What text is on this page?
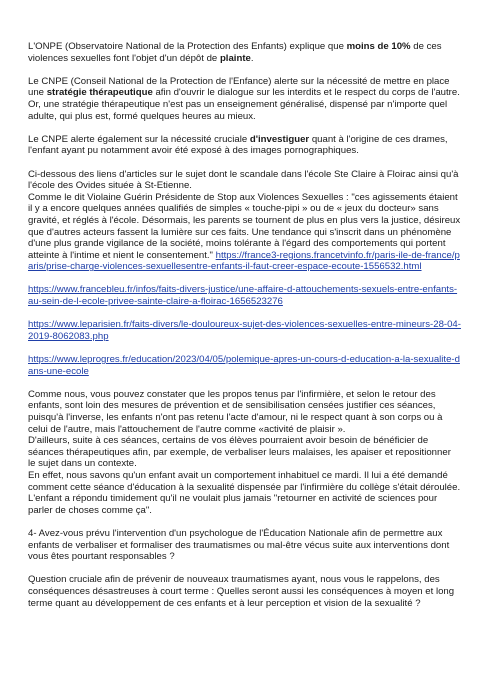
L'ONPE (Observatoire National de la Protection des Enfants) explique que moins de 10% de ces violences sexuelles font l'objet d'un dépôt de plainte.

Le CNPE (Conseil National de la Protection de l'Enfance) alerte sur la nécessité de mettre en place une stratégie thérapeutique afin d'ouvrir le dialogue sur les interdits et le respect du corps de l'autre. Or, une stratégie thérapeutique n'est pas un enseignement généralisé, dispensé par n'importe quel adulte, qui plus est, formé quelques heures au mieux.

Le CNPE alerte également sur la nécessité cruciale d'investiguer quant à l'origine de ces drames, l'enfant ayant pu notamment avoir été exposé à des images pornographiques.

Ci-dessous des liens d'articles sur le sujet dont le scandale dans l'école Ste Claire à Floirac ainsi qu'à l'école des Ovides située à St-Etienne.
Comme le dit Violaine Guérin Présidente de Stop aux Violences Sexuelles : "ces agissements étaient il y a encore quelques années qualifiés de simples « touche-pipi » ou de « jeux du docteur» sans gravité, et réglés à l'école. Désormais, les parents se tournent de plus en plus vers la justice, désireux que d'autres acteurs fassent la lumière sur ces faits. Une tendance qui s'inscrit dans un phénomène d'une plus grande vigilance de la société, moins tolérante à l'égard des comportements qui portent atteinte à l'intime et nient le consentement." https://france3-regions.francetvinfo.fr/paris-ile-de-france/paris/prise-charge-violences-sexuellesentre-enfants-il-faut-creer-espace-ecoute-1556532.html

https://www.francebleu.fr/infos/faits-divers-justice/une-affaire-d-attouchements-sexuels-entre-enfants-au-sein-de-l-ecole-privee-sainte-claire-a-floirac-1656523276

https://www.leparisien.fr/faits-divers/le-douloureux-sujet-des-violences-sexuelles-entre-mineurs-28-04-2019-8062083.php

https://www.leprogres.fr/education/2023/04/05/polemique-apres-un-cours-d-education-a-la-sexualite-dans-une-ecole

Comme nous, vous pouvez constater que les propos tenus par l'infirmière, et selon le retour des enfants, sont loin des mesures de prévention et de sensibilisation censées justifier ces séances, puisqu'à l'inverse, les enfants n'ont pas retenu l'acte d'amour, ni le respect quant à son corps ou à celui de l'autre, mais l'attouchement de l'autre comme «activité de plaisir ».
D'ailleurs, suite à ces séances, certains de vos élèves pourraient avoir besoin de bénéficier de séances thérapeutiques afin, par exemple, de verbaliser leurs malaises, les apaiser et repositionner le sujet dans un contexte.
En effet, nous savons qu'un enfant avait un comportement inhabituel ce mardi. Il lui a été demandé comment cette séance d'éducation à la sexualité dispensée par l'infirmière du collège s'était déroulée. L'enfant a répondu timidement qu'il ne voulait plus jamais "retourner en activité de sciences pour parler de choses comme ça".

4- Avez-vous prévu l'intervention d'un psychologue de l'Éducation Nationale afin de permettre aux enfants de verbaliser et formaliser des traumatismes ou mal-être vécus suite aux interventions dont vous êtes pourtant responsables ?

Question cruciale afin de prévenir de nouveaux traumatismes ayant, nous vous le rappelons, des conséquences désastreuses à court terme : Quelles seront aussi les conséquences à moyen et long terme quant au développement de ces enfants et à leur perception et vision de la sexualité ?
